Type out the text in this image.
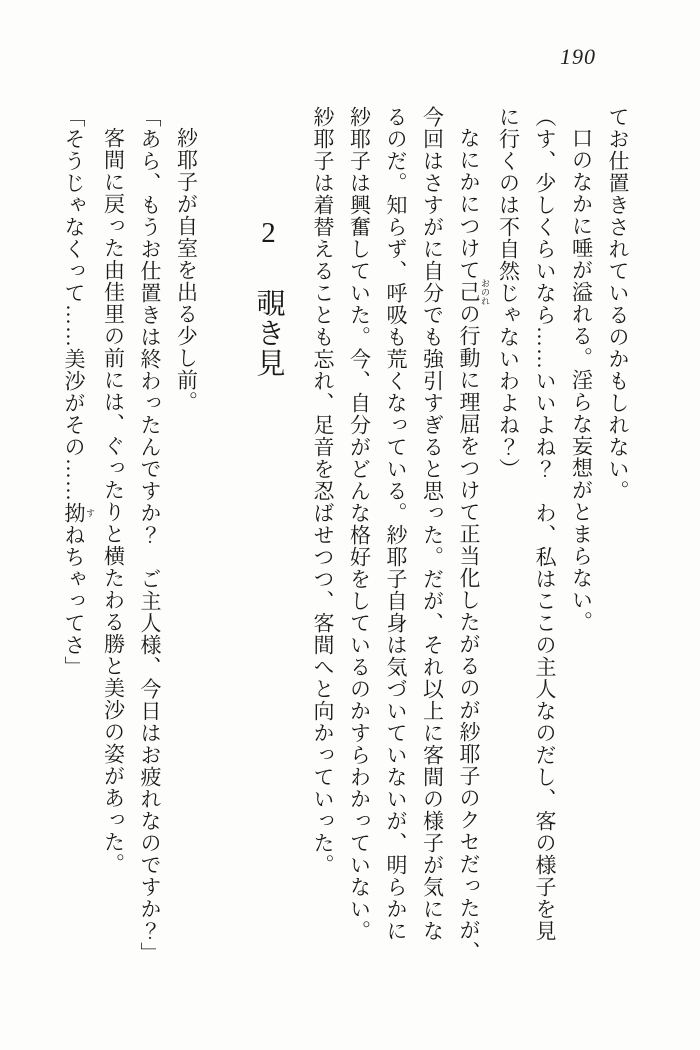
190
てお仕置きされているのかもしれない。
口のなかに唾が溢れる。淫らな妄想がとまらない。
（す、少しくらいなら……いいよね？　わ、私はここの主人なのだし、客の様子を見
に行くのは不自然じゃないわよね？）
なにかにつけて己 おのれの行動に理屈をつけて正当化したがるのが紗耶子のクセだったが、
今回はさすがに自分でも強引すぎると思った。だが、それ以上に客間の様子が気にな
るのだ。知らず、呼吸も荒くなっている。紗耶子自身は気づいていないが、明らかに
紗耶子は興奮していた。今、自分がどんな格好をしているのかすらわかっていない。
紗耶子は着替えることも忘れ、足音を忍ばせつつ、客間へと向かっていった。
2 覗き見
紗耶子が自室を出る少し前。
「あら、もうお仕置きは終わったんですか？　ご主人様、今日はお疲れなのですか？」
客間に戻った由佳里の前には、ぐったりと横たわる勝と美沙の姿があった。
「そうじゃなくって……美沙がその……拗 すねちゃってさ」
